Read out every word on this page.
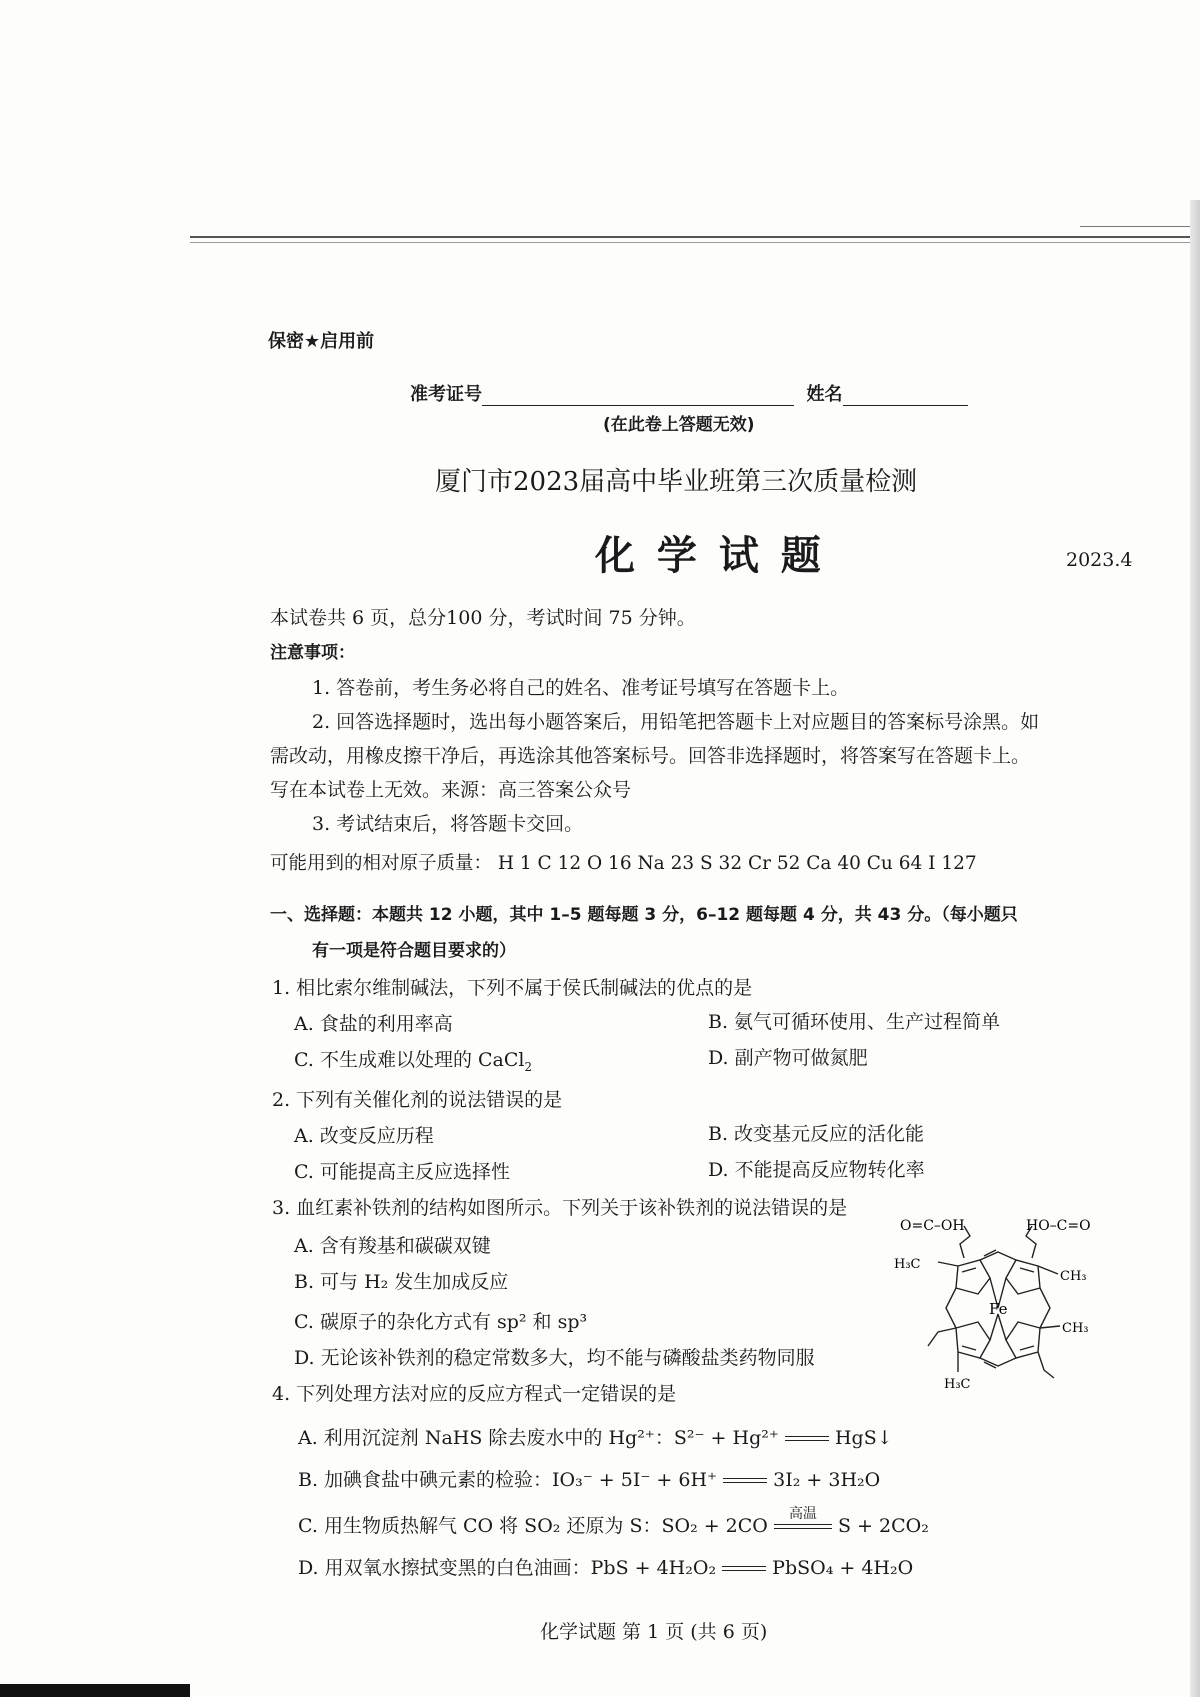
保密★启用前
准考证号	姓名
(在此卷上答题无效)
厦门市2023届高中毕业班第三次质量检测
化 学 试 题	2023.4
本试卷共 6 页，总分100 分，考试时间 75 分钟。
注意事项：
1. 答卷前，考生务必将自己的姓名、准考证号填写在答题卡上。
2. 回答选择题时，选出每小题答案后，用铅笔把答题卡上对应题目的答案标号涂黑。如
需改动，用橡皮擦干净后，再选涂其他答案标号。回答非选择题时，将答案写在答题卡上。
写在本试卷上无效。来源：高三答案公众号
3. 考试结束后，将答题卡交回。
可能用到的相对原子质量： H 1 C 12 O 16 Na 23 S 32 Cr 52 Ca 40 Cu 64 I 127
一、选择题：本题共 12 小题，其中 1–5 题每题 3 分，6–12 题每题 4 分，共 43 分。（每小题只
有一项是符合题目要求的）
1. 相比索尔维制碱法，下列不属于侯氏制碱法的优点的是
A. 食盐的利用率高	B. 氨气可循环使用、生产过程简单
C. 不生成难以处理的 CaCl$_2$	D. 副产物可做氮肥
2. 下列有关催化剂的说法错误的是
A. 改变反应历程	B. 改变基元反应的活化能
C. 可能提高主反应选择性	D. 不能提高反应物转化率
3. 血红素补铁剂的结构如图所示。下列关于该补铁剂的说法错误的是
A. 含有羧基和碳碳双键
B. 可与 H₂ 发生加成反应
C. 碳原子的杂化方式有 sp² 和 sp³
D. 无论该补铁剂的稳定常数多大，均不能与磷酸盐类药物同服
O=C–OH	HO–C=O
Fe
H₃C
CH₃
CH₃
H₃C
4. 下列处理方法对应的反应方程式一定错误的是
A. 利用沉淀剂 NaHS 除去废水中的 Hg²⁺：S²⁻ + Hg²⁺	HgS↓
B. 加碘食盐中碘元素的检验：IO₃⁻ + 5I⁻ + 6H⁺	3I₂ + 3H₂O
C. 用生物质热解气 CO 将 SO₂ 还原为 S：SO₂ + 2CO
高温
S + 2CO₂
D. 用双氧水擦拭变黑的白色油画：PbS + 4H₂O₂	PbSO₄ + 4H₂O
化学试题 第 1 页 (共 6 页)
